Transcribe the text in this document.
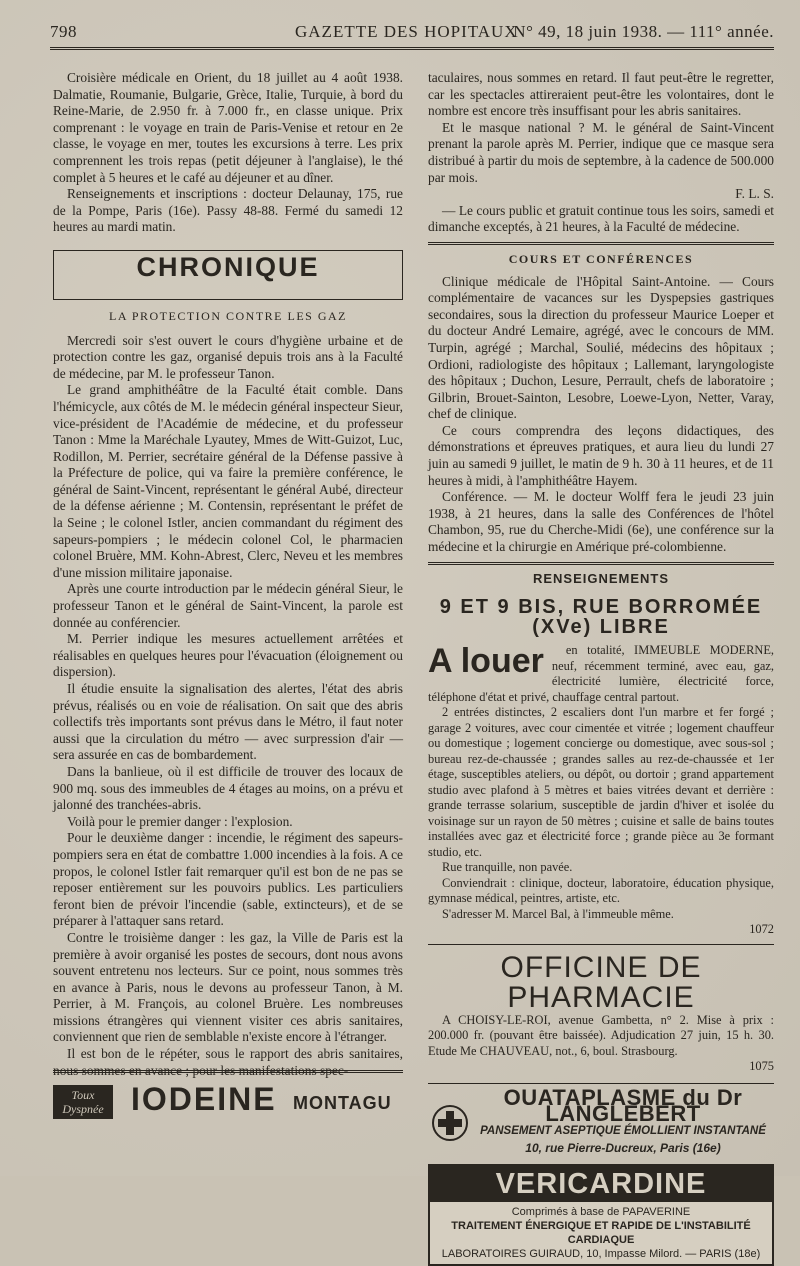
798	GAZETTE DES HOPITAUX
N° 49, 18 juin 1938. — 111° année.

Croisière médicale en Orient, du 18 juillet au 4 août 1938. Dalmatie, Roumanie, Bulgarie, Grèce, Italie, Turquie, à bord du Reine-Marie, de 2.950 fr. à 7.000 fr., en classe unique. Prix comprenant : le voyage en train de Paris-Venise et retour en 2e classe, le voyage en mer, toutes les excursions à terre. Les prix comprennent les trois repas (petit déjeuner à l'anglaise), le thé complet à 5 heures et le café au déjeuner et au dîner.

Renseignements et inscriptions : docteur Delaunay, 175, rue de la Pompe, Paris (16e). Passy 48-88. Fermé du samedi 12 heures au mardi matin.

CHRONIQUE
LA PROTECTION CONTRE LES GAZ

Mercredi soir s'est ouvert le cours d'hygiène urbaine et de protection contre les gaz, organisé depuis trois ans à la Faculté de médecine, par M. le professeur Tanon.

Le grand amphithéâtre de la Faculté était comble. Dans l'hémicycle, aux côtés de M. le médecin général inspecteur Sieur, vice-président de l'Académie de médecine, et du professeur Tanon : Mme la Maréchale Lyautey, Mmes de Witt-Guizot, Luc, Rodillon, M. Perrier, secrétaire général de la Défense passive à la Préfecture de police, qui va faire la première conférence, le général de Saint-Vincent, représentant le général Aubé, directeur de la défense aérienne ; M. Contensin, représentant le préfet de la Seine ; le colonel Istler, ancien commandant du régiment des sapeurs-pompiers ; le médecin colonel Col, le pharmacien colonel Bruère, MM. Kohn-Abrest, Clerc, Neveu et les membres d'une mission militaire japonaise.

Après une courte introduction par le médecin général Sieur, le professeur Tanon et le général de Saint-Vincent, la parole est donnée au conférencier.

M. Perrier indique les mesures actuellement arrêtées et réalisables en quelques heures pour l'évacuation (éloignement ou dispersion).

Il étudie ensuite la signalisation des alertes, l'état des abris prévus, réalisés ou en voie de réalisation. On sait que des abris collectifs très importants sont prévus dans le Métro, il faut noter aussi que la circulation du métro — avec surpression d'air — sera assurée en cas de bombardement.

Dans la banlieue, où il est difficile de trouver des locaux de 900 mq. sous des immeubles de 4 étages au moins, on a prévu et jalonné des tranchées-abris.

Voilà pour le premier danger : l'explosion.

Pour le deuxième danger : incendie, le régiment des sapeurs-pompiers sera en état de combattre 1.000 incendies à la fois. A ce propos, le colonel Istler fait remarquer qu'il est bon de ne pas se reposer entièrement sur les pouvoirs publics. Les particuliers feront bien de prévoir l'incendie (sable, extincteurs), et de se préparer à l'attaquer sans retard.

Contre le troisième danger : les gaz, la Ville de Paris est la première à avoir organisé les postes de secours, dont nous avons souvent entretenu nos lecteurs. Sur ce point, nous sommes très en avance à Paris, nous le devons au professeur Tanon, à M. Perrier, à M. François, au colonel Bruère. Les nombreuses missions étrangères qui viennent visiter ces abris sanitaires, conviennent que rien de semblable n'existe encore à l'étranger.

Il est bon de le répéter, sous le rapport des abris sanitaires, nous sommes en avance ; pour les manifestations spec-

Toux Dyspnée IODEINE MONTAGU

taculaires, nous sommes en retard. Il faut peut-être le regretter, car les spectacles attireraient peut-être les volontaires, dont le nombre est encore très insuffisant pour les abris sanitaires.

Et le masque national ? M. le général de Saint-Vincent prenant la parole après M. Perrier, indique que ce masque sera distribué à partir du mois de septembre, à la cadence de 500.000 par mois.

F. L. S.

— Le cours public et gratuit continue tous les soirs, samedi et dimanche exceptés, à 21 heures, à la Faculté de médecine.

COURS ET CONFÉRENCES

Clinique médicale de l'Hôpital Saint-Antoine. — Cours complémentaire de vacances sur les Dyspepsies gastriques secondaires, sous la direction du professeur Maurice Loeper et du docteur André Lemaire, agrégé, avec le concours de MM. Turpin, agrégé ; Marchal, Soulié, médecins des hôpitaux ; Ordioni, radiologiste des hôpitaux ; Lallemant, laryngologiste des hôpitaux ; Duchon, Lesure, Perrault, chefs de laboratoire ; Gilbrin, Brouet-Sainton, Lesobre, Loewe-Lyon, Netter, Varay, chef de clinique.

Ce cours comprendra des leçons didactiques, des démonstrations et épreuves pratiques, et aura lieu du lundi 27 juin au samedi 9 juillet, le matin de 9 h. 30 à 11 heures, et de 11 heures à midi, à l'amphithéâtre Hayem.

Conférence. — M. le docteur Wolff fera le jeudi 23 juin 1938, à 21 heures, dans la salle des Conférences de l'hôtel Chambon, 95, rue du Cherche-Midi (6e), une conférence sur la médecine et la chirurgie en Amérique pré-colombienne.

RENSEIGNEMENTS
9 ET 9 BIS, RUE BORROMÉE (XVe) LIBRE
A louer	en totalité, IMMEUBLE MODERNE, neuf, récemment terminé, avec eau, gaz, électricité lumière, électricité force, téléphone d'état et privé, chauffage central partout.

2 entrées distinctes, 2 escaliers dont l'un marbre et fer forgé ; garage 2 voitures, avec cour cimentée et vitrée ; logement chauffeur ou domestique ; logement concierge ou domestique, avec sous-sol ; bureau rez-de-chaussée ; grandes salles au rez-de-chaussée et 1er étage, susceptibles ateliers, ou dépôt, ou dortoir ; grand appartement studio avec plafond à 5 mètres et baies vitrées devant et derrière : grande terrasse solarium, susceptible de jardin d'hiver et isolée du voisinage sur un rayon de 50 mètres ; cuisine et salle de bains toutes installées avec gaz et électricité force ; grande pièce au 3e formant studio, etc.

Rue tranquille, non pavée.

Conviendrait : clinique, docteur, laboratoire, éducation physique, gymnase médical, peintres, artiste, etc.

S'adresser M. Marcel Bal, à l'immeuble même.

1072

OFFICINE DE PHARMACIE

A CHOISY-LE-ROI, avenue Gambetta, n° 2. Mise à prix : 200.000 fr. (pouvant être baissée). Adjudication 27 juin, 15 h. 30. Etude Me CHAUVEAU, not., 6, boul. Strasbourg.

1075

OUATAPLASME du Dr LANGLEBERT
PANSEMENT ASEPTIQUE ÉMOLLIENT INSTANTANÉ
10, rue Pierre-Ducreux, Paris (16e)
VERICARDINE
Comprimés à base de PAPAVERINE
TRAITEMENT ÉNERGIQUE ET RAPIDE DE L'INSTABILITÉ CARDIAQUE
LABORATOIRES GUIRAUD, 10, Impasse Milord. — PARIS (18e)
